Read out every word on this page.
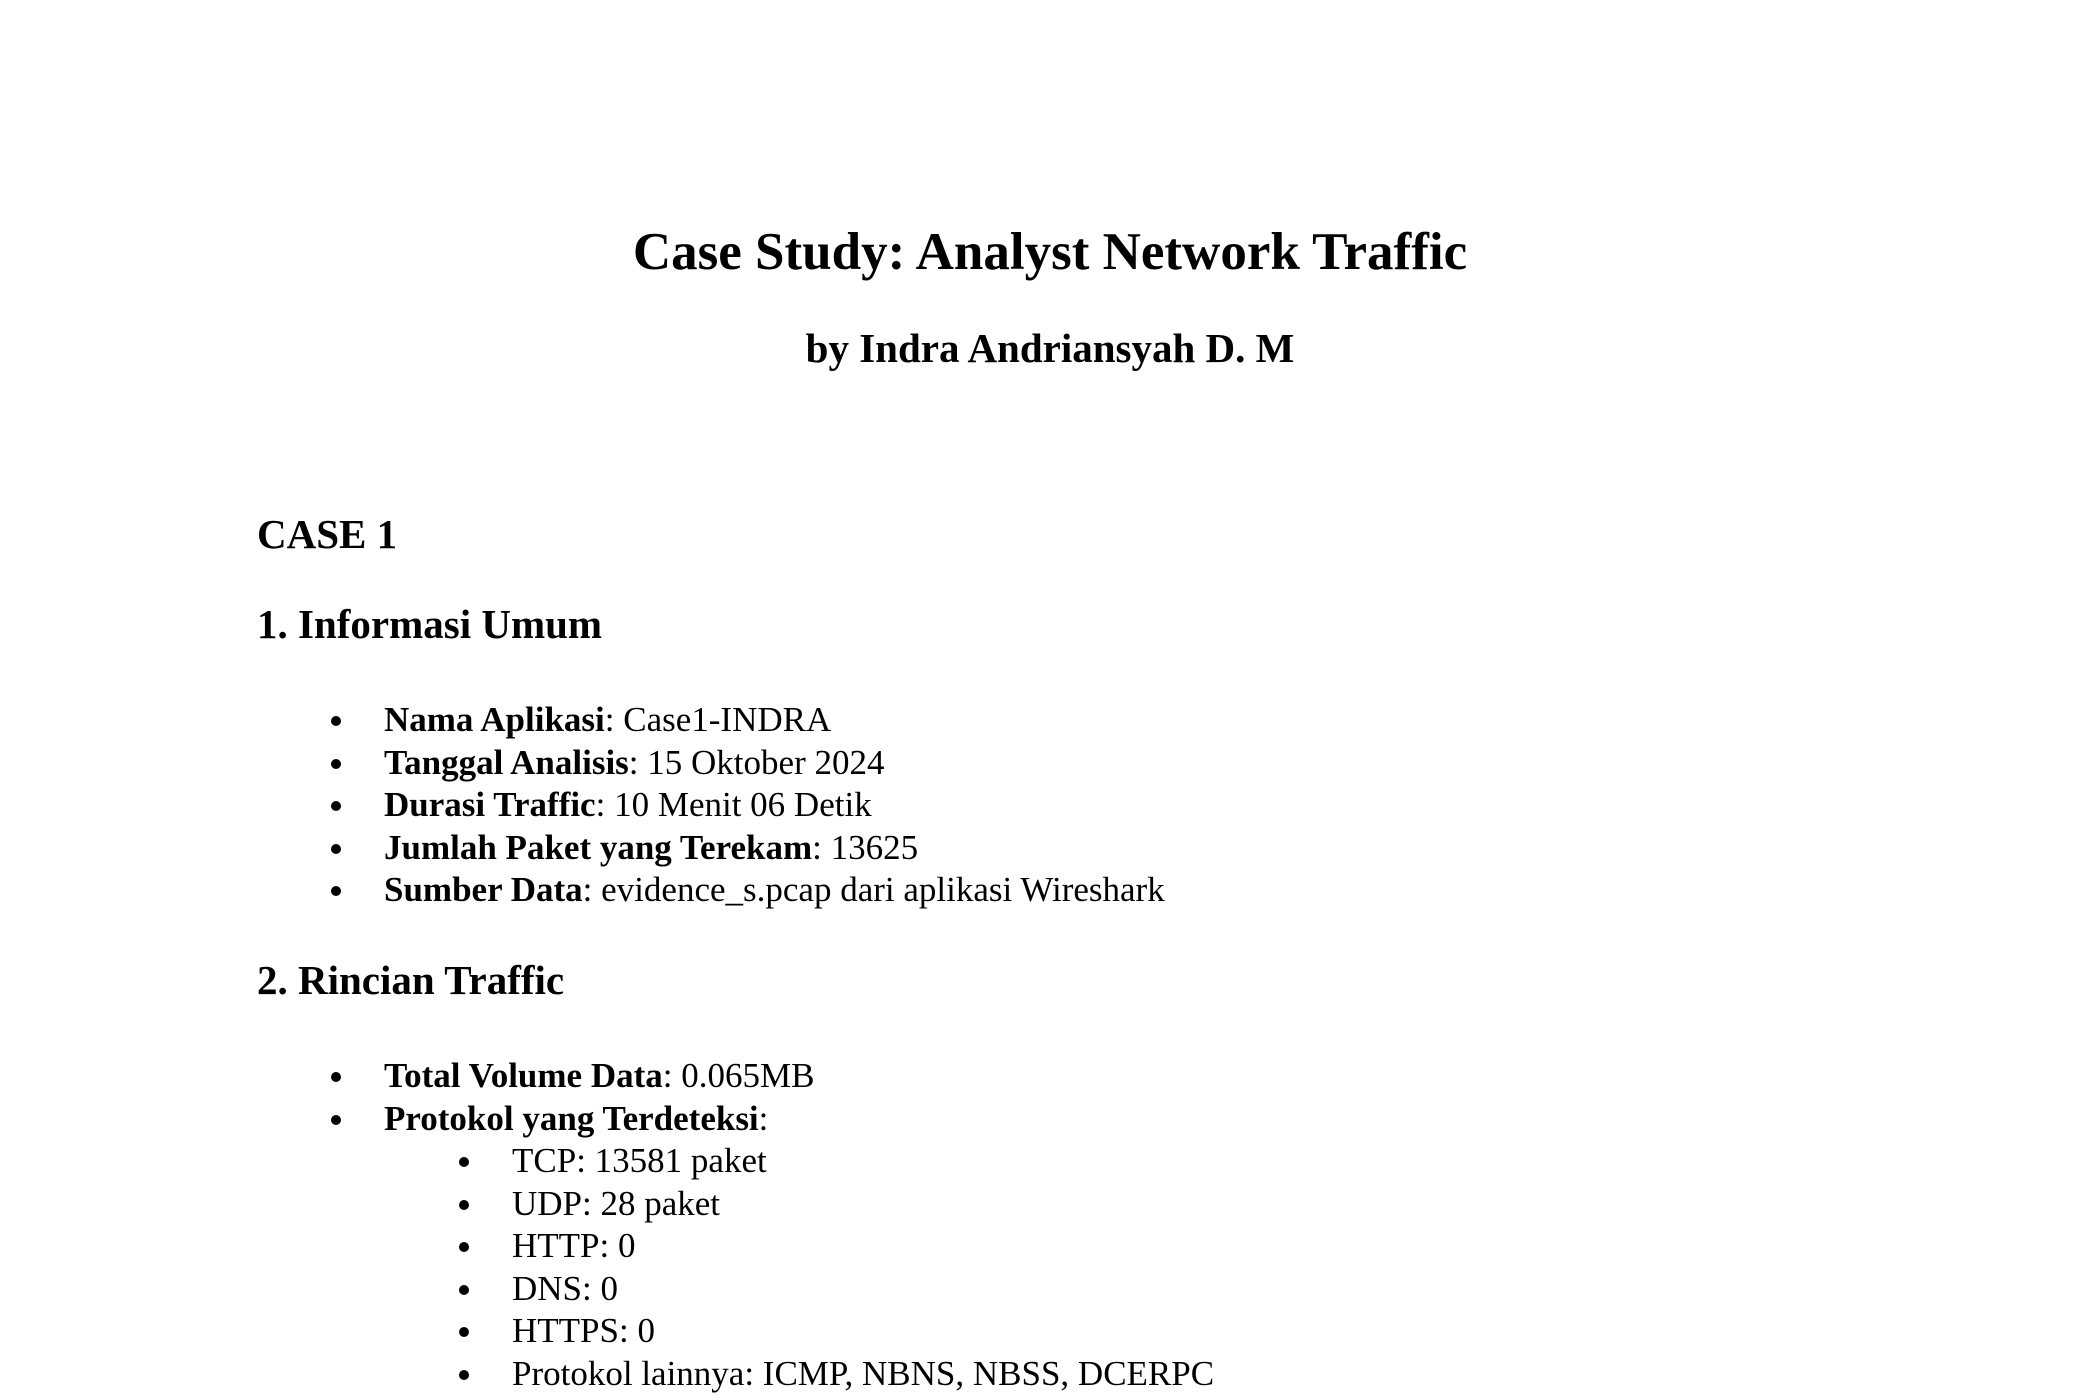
Case Study: Analyst Network Traffic
by Indra Andriansyah D. M
CASE 1
1. Informasi Umum
Nama Aplikasi: Case1-INDRA
Tanggal Analisis: 15 Oktober 2024
Durasi Traffic: 10 Menit 06 Detik
Jumlah Paket yang Terekam: 13625
Sumber Data: evidence_s.pcap dari aplikasi Wireshark
2. Rincian Traffic
Total Volume Data: 0.065MB
Protokol yang Terdeteksi:
TCP: 13581 paket
UDP: 28 paket
HTTP: 0
DNS: 0
HTTPS: 0
Protokol lainnya: ICMP, NBNS, NBSS, DCERPC
